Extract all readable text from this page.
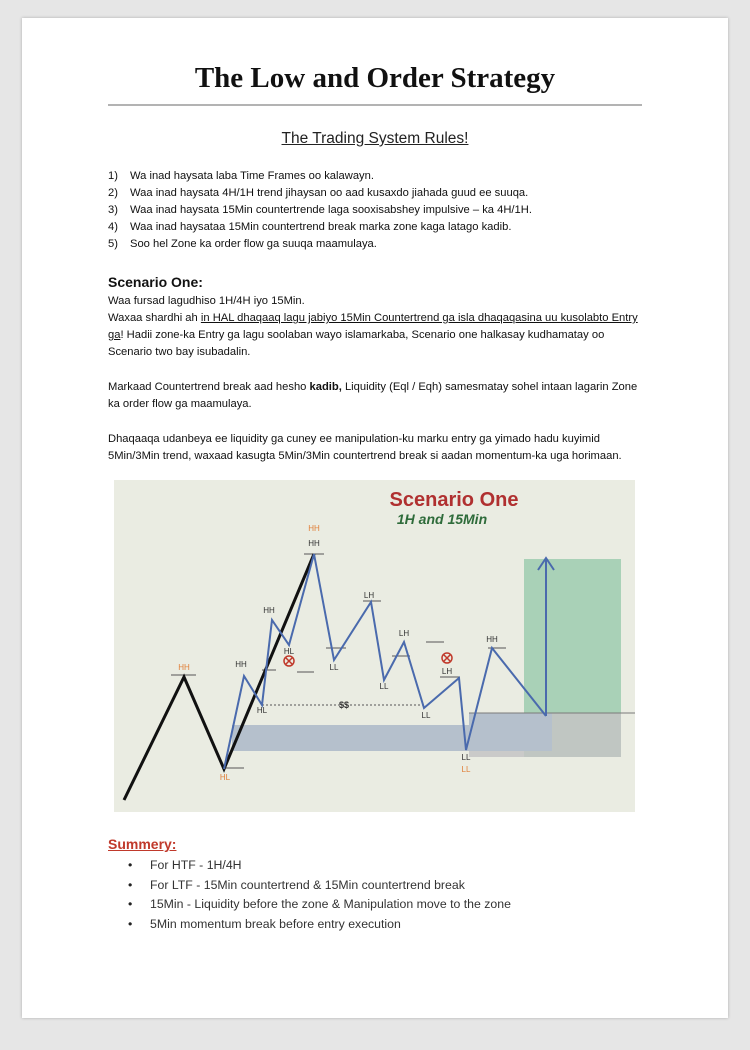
The Low and Order Strategy
The Trading System Rules!
1)	Wa inad haysata laba Time Frames oo kalawayn.
2)	Waa inad haysata 4H/1H trend jihaysan oo aad kusaxdo jiahada guud ee suuqa.
3)	Waa inad haysata 15Min countertrende laga sooxisabshey impulsive – ka 4H/1H.
4)	Waa inad haysataa 15Min countertrend break marka zone kaga latago kadib.
5)	Soo hel Zone ka order flow ga suuqa maamulaya.
Scenario One:
Waa fursad lagudhiso 1H/4H iyo 15Min.
Waxaa shardhi ah in HAL dhaqaaq lagu jabiyo 15Min Countertrend ga isla dhaqaqasina uu kusolabto Entry ga! Hadii zone-ka Entry ga lagu soolaban wayo islamarkaba, Scenario one halkasay kudhamatay oo Scenario two bay isubadalin.
Markaad Countertrend break aad hesho kadib, Liquidity (Eql / Eqh) samesmatay sohel intaan lagarin Zone ka order flow ga maamulaya.
Dhaqaaqa udanbeya ee liquidity ga cuney ee manipulation-ku marku entry ga yimado hadu kuyimid 5Min/3Min trend, waxaad kasugta 5Min/3Min countertrend break si aadan momentum-ka uga horimaan.
Scenario One
1H and 15Min
HH
HH
HH	HH
HH
HL
HL
HL
LL
LH
LL
LH
LL
LH
LL
LL
HH
$$
Summery:
• For HTF - 1H/4H
• For LTF - 15Min countertrend & 15Min countertrend break
• 15Min - Liquidity before the zone & Manipulation move to the zone
• 5Min momentum break before entry execution
